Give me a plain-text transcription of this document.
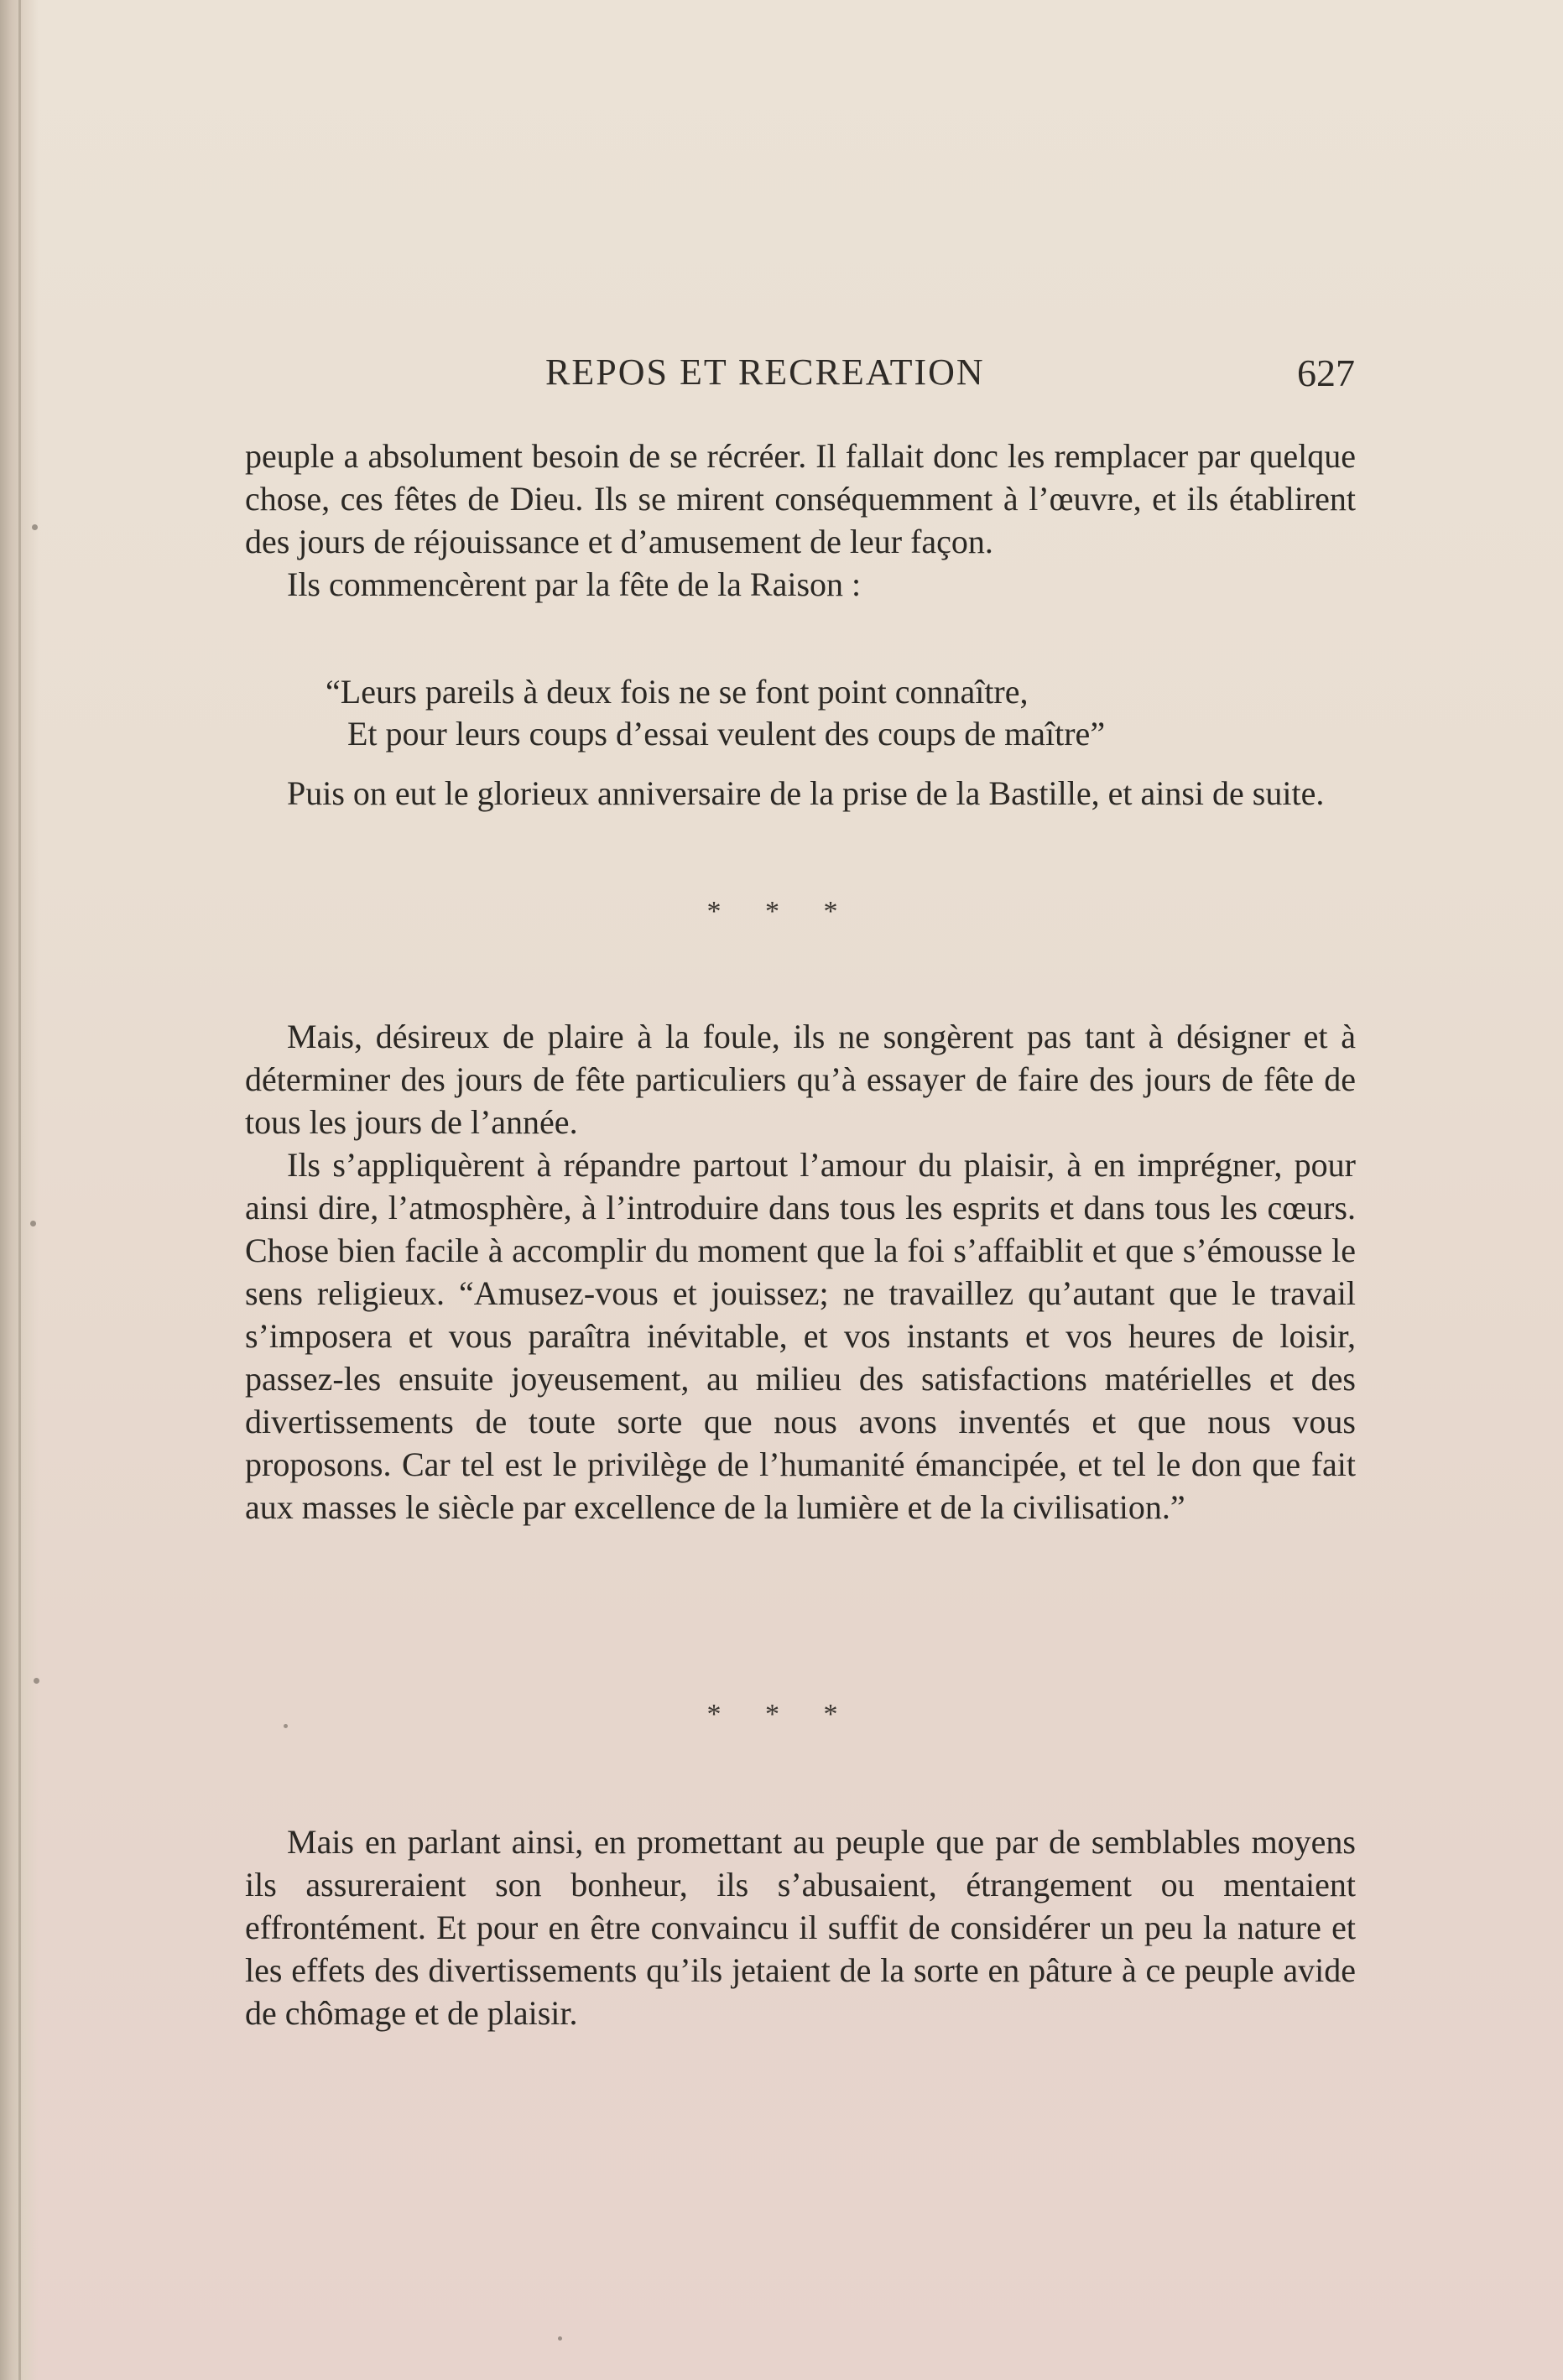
REPOS ET RECREATION	627

peuple a absolument besoin de se récréer. Il fallait donc les remplacer par quelque chose, ces fêtes de Dieu. Ils se mirent conséquemment à l’œuvre, et ils établirent des jours de réjouissance et d’amusement de leur façon.

Ils commencèrent par la fête de la Raison :

“Leurs pareils à deux fois ne se font point connaître,
Et pour leurs coups d’essai veulent des coups de maître”

Puis on eut le glorieux anniversaire de la prise de la Bastille, et ainsi de suite.

* * *

Mais, désireux de plaire à la foule, ils ne songèrent pas tant à désigner et à déterminer des jours de fête particuliers qu’à essayer de faire des jours de fête de tous les jours de l’année.

Ils s’appliquèrent à répandre partout l’amour du plaisir, à en imprégner, pour ainsi dire, l’atmosphère, à l’introduire dans tous les esprits et dans tous les cœurs. Chose bien facile à accomplir du moment que la foi s’affaiblit et que s’émousse le sens religieux. “Amusez-vous et jouissez; ne travaillez qu’autant que le travail s’imposera et vous paraîtra inévitable, et vos instants et vos heures de loisir, passez-les ensuite joyeusement, au milieu des satisfactions matérielles et des divertissements de toute sorte que nous avons inventés et que nous vous proposons. Car tel est le privilège de l’humanité émancipée, et tel le don que fait aux masses le siècle par excellence de la lumière et de la civilisation.”

* * *

Mais en parlant ainsi, en promettant au peuple que par de semblables moyens ils assureraient son bonheur, ils s’abusaient, étrangement ou mentaient effrontément. Et pour en être convaincu il suffit de considérer un peu la nature et les effets des divertissements qu’ils jetaient de la sorte en pâture à ce peuple avide de chômage et de plaisir.
